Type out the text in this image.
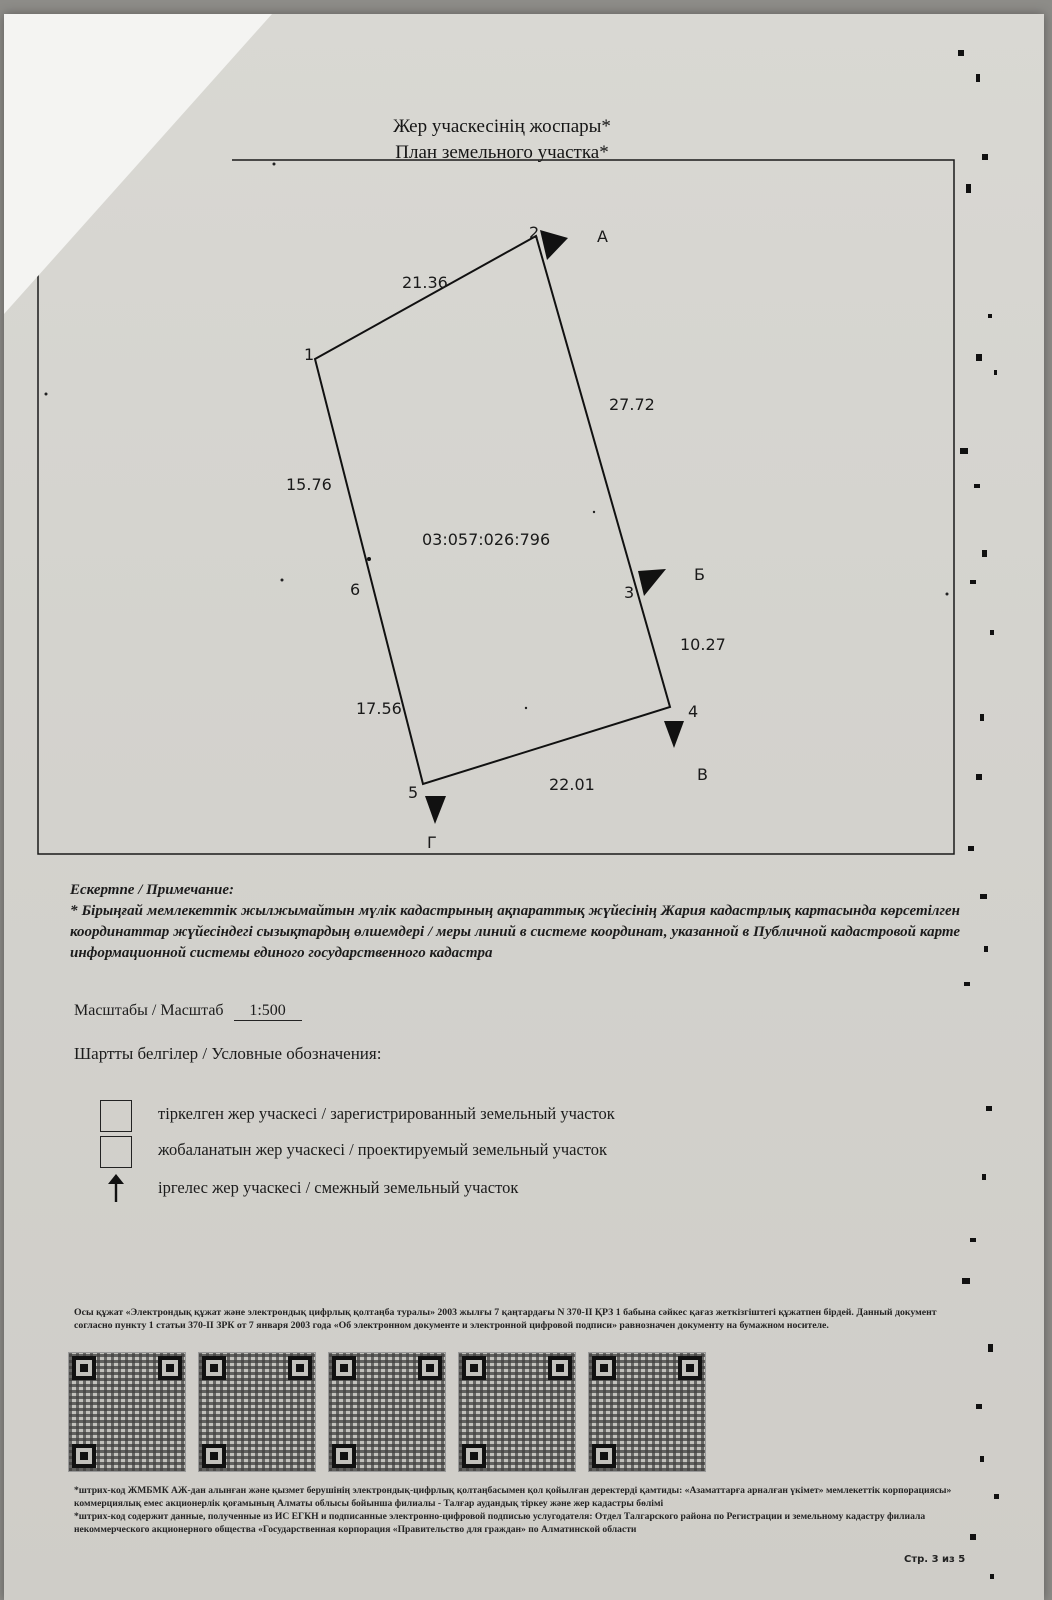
Жер учаскесінің жоспары*
План земельного участка*
03:057:026:796
1
2
3
4
5
6
21.36
27.72
10.27
22.01
17.56
15.76
А
Б
В
Г
Ескертпе / Примечание:
* Бірыңғай мемлекеттік жылжымайтын мүлік кадастрының ақпараттық жүйесінің Жария кадастрлық картасында көрсетілген координаттар жүйесіндегі сызықтардың өлшемдері / меры линий в системе координат, указанной в Публичной кадастровой карте информационной системы единого государственного кадастра
Масштабы / Масштаб 1:500
Шартты белгілер / Условные обозначения:
тіркелген жер учаскесі / зарегистрированный земельный участок
жобаланатын жер учаскесі / проектируемый земельный участок
іргелес жер учаскесі / смежный земельный участок
Осы құжат «Электрондық құжат және электрондық цифрлық қолтаңба туралы» 2003 жылғы 7 қаңтардағы N 370-II ҚРЗ 1 бабына сәйкес қағаз жеткізгіштегі құжатпен бірдей. Данный документ согласно пункту 1 статьи 370-II ЗРК от 7 января 2003 года «Об электронном документе и электронной цифровой подписи» равнозначен документу на бумажном носителе.
*штрих-код ЖМБМК АЖ-дан алынған және қызмет берушінің электрондық-цифрлық қолтаңбасымен қол қойылған деректерді қамтиды: «Азаматтарға арналған үкімет» мемлекеттік корпорациясы» коммерциялық емес акционерлік қоғамының Алматы облысы бойынша филиалы - Талғар аудандық тіркеу және жер кадастры бөлімі
*штрих-код содержит данные, полученные из ИС ЕГКН и подписанные электронно-цифровой подписью услугодателя: Отдел Талгарского района по Регистрации и земельному кадастру филиала некоммерческого акционерного общества «Государственная корпорация «Правительство для граждан» по Алматинской области
Стр. 3 из 5
